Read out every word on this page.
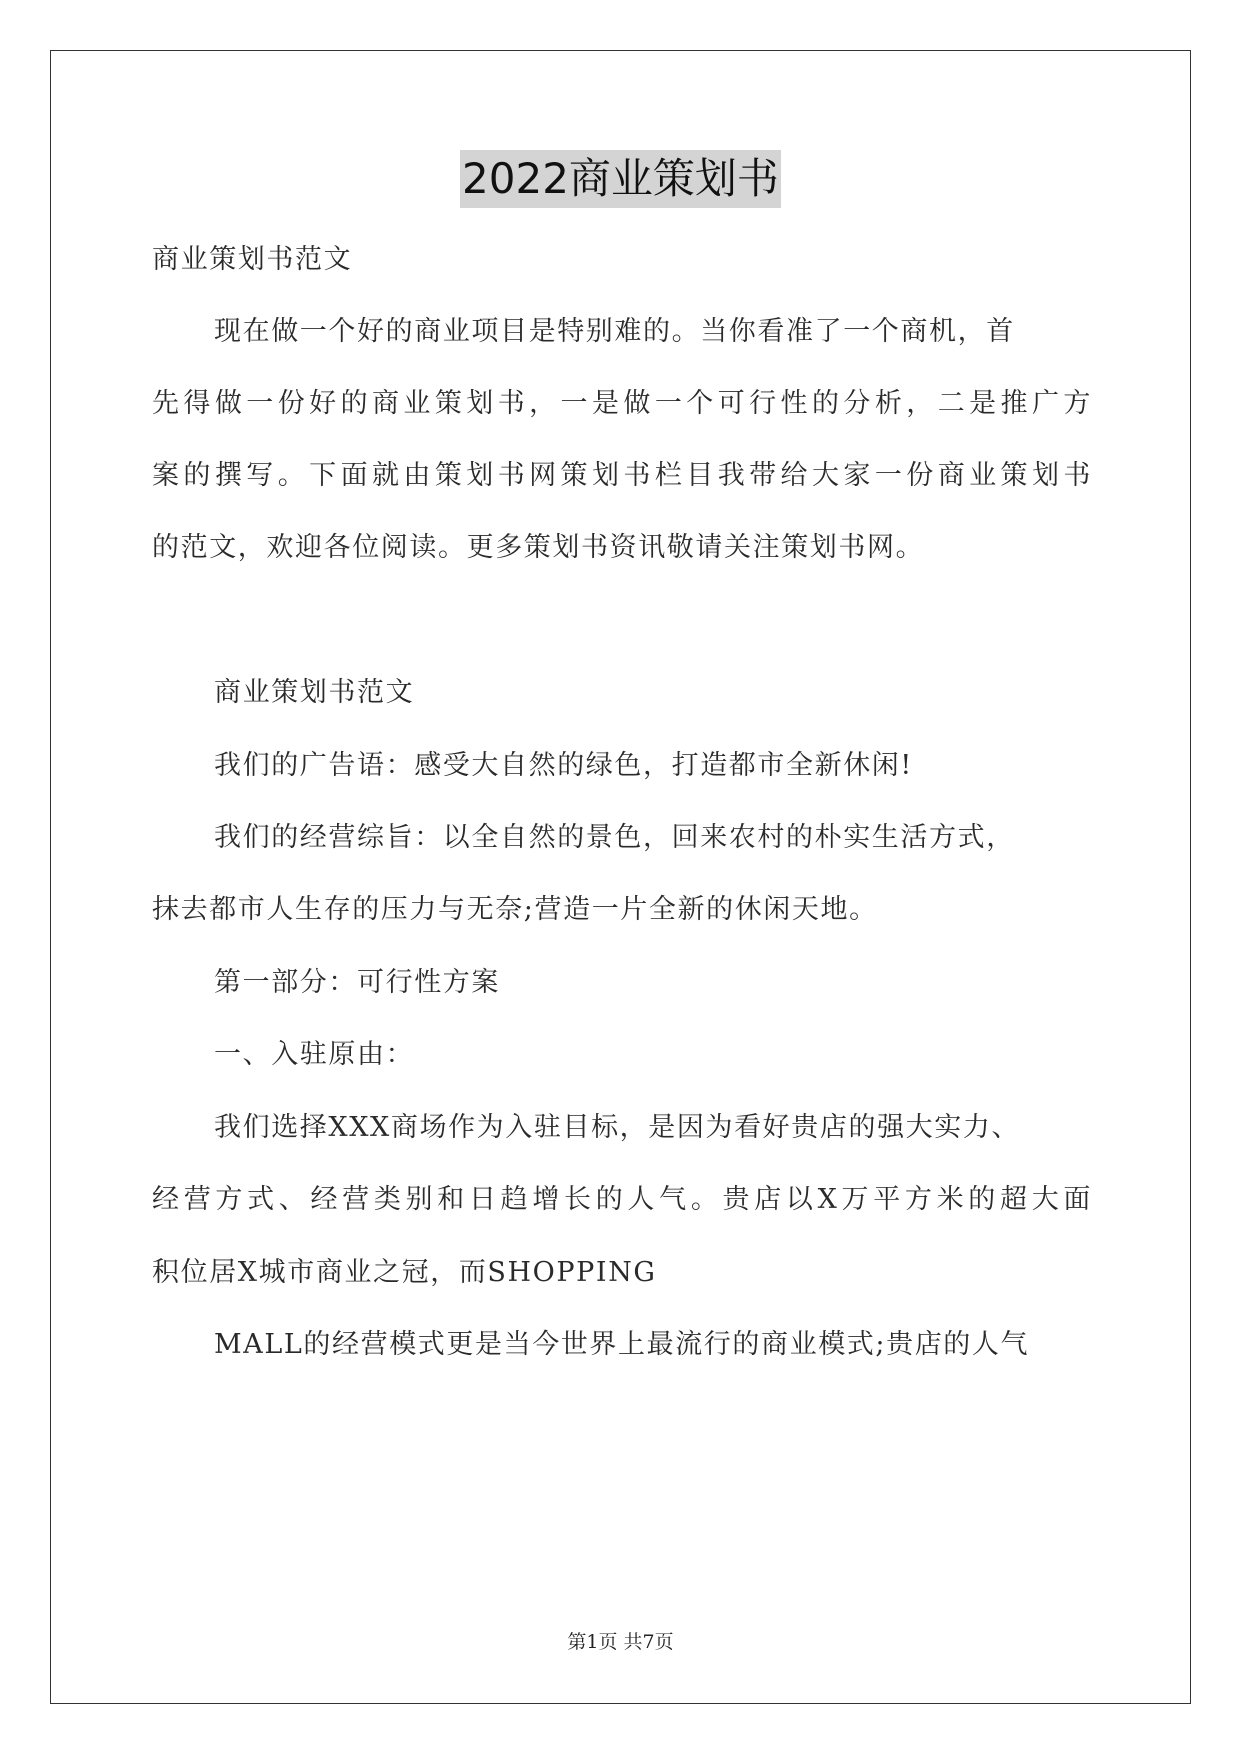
2022商业策划书
商业策划书范文
现在做一个好的商业项目是特别难的。当你看准了一个商机，首
先得做一份好的商业策划书，一是做一个可行性的分析，二是推广方
案的撰写。下面就由策划书网策划书栏目我带给大家一份商业策划书
的范文，欢迎各位阅读。更多策划书资讯敬请关注策划书网。
商业策划书范文
我们的广告语：感受大自然的绿色，打造都市全新休闲!
我们的经营综旨：以全自然的景色，回来农村的朴实生活方式，
抹去都市人生存的压力与无奈;营造一片全新的休闲天地。
第一部分：可行性方案
一、入驻原由：
我们选择XXX商场作为入驻目标，是因为看好贵店的强大实力、
经营方式、经营类别和日趋增长的人气。贵店以X万平方米的超大面
积位居X城市商业之冠，而SHOPPING
MALL的经营模式更是当今世界上最流行的商业模式;贵店的人气
第1页 共7页
